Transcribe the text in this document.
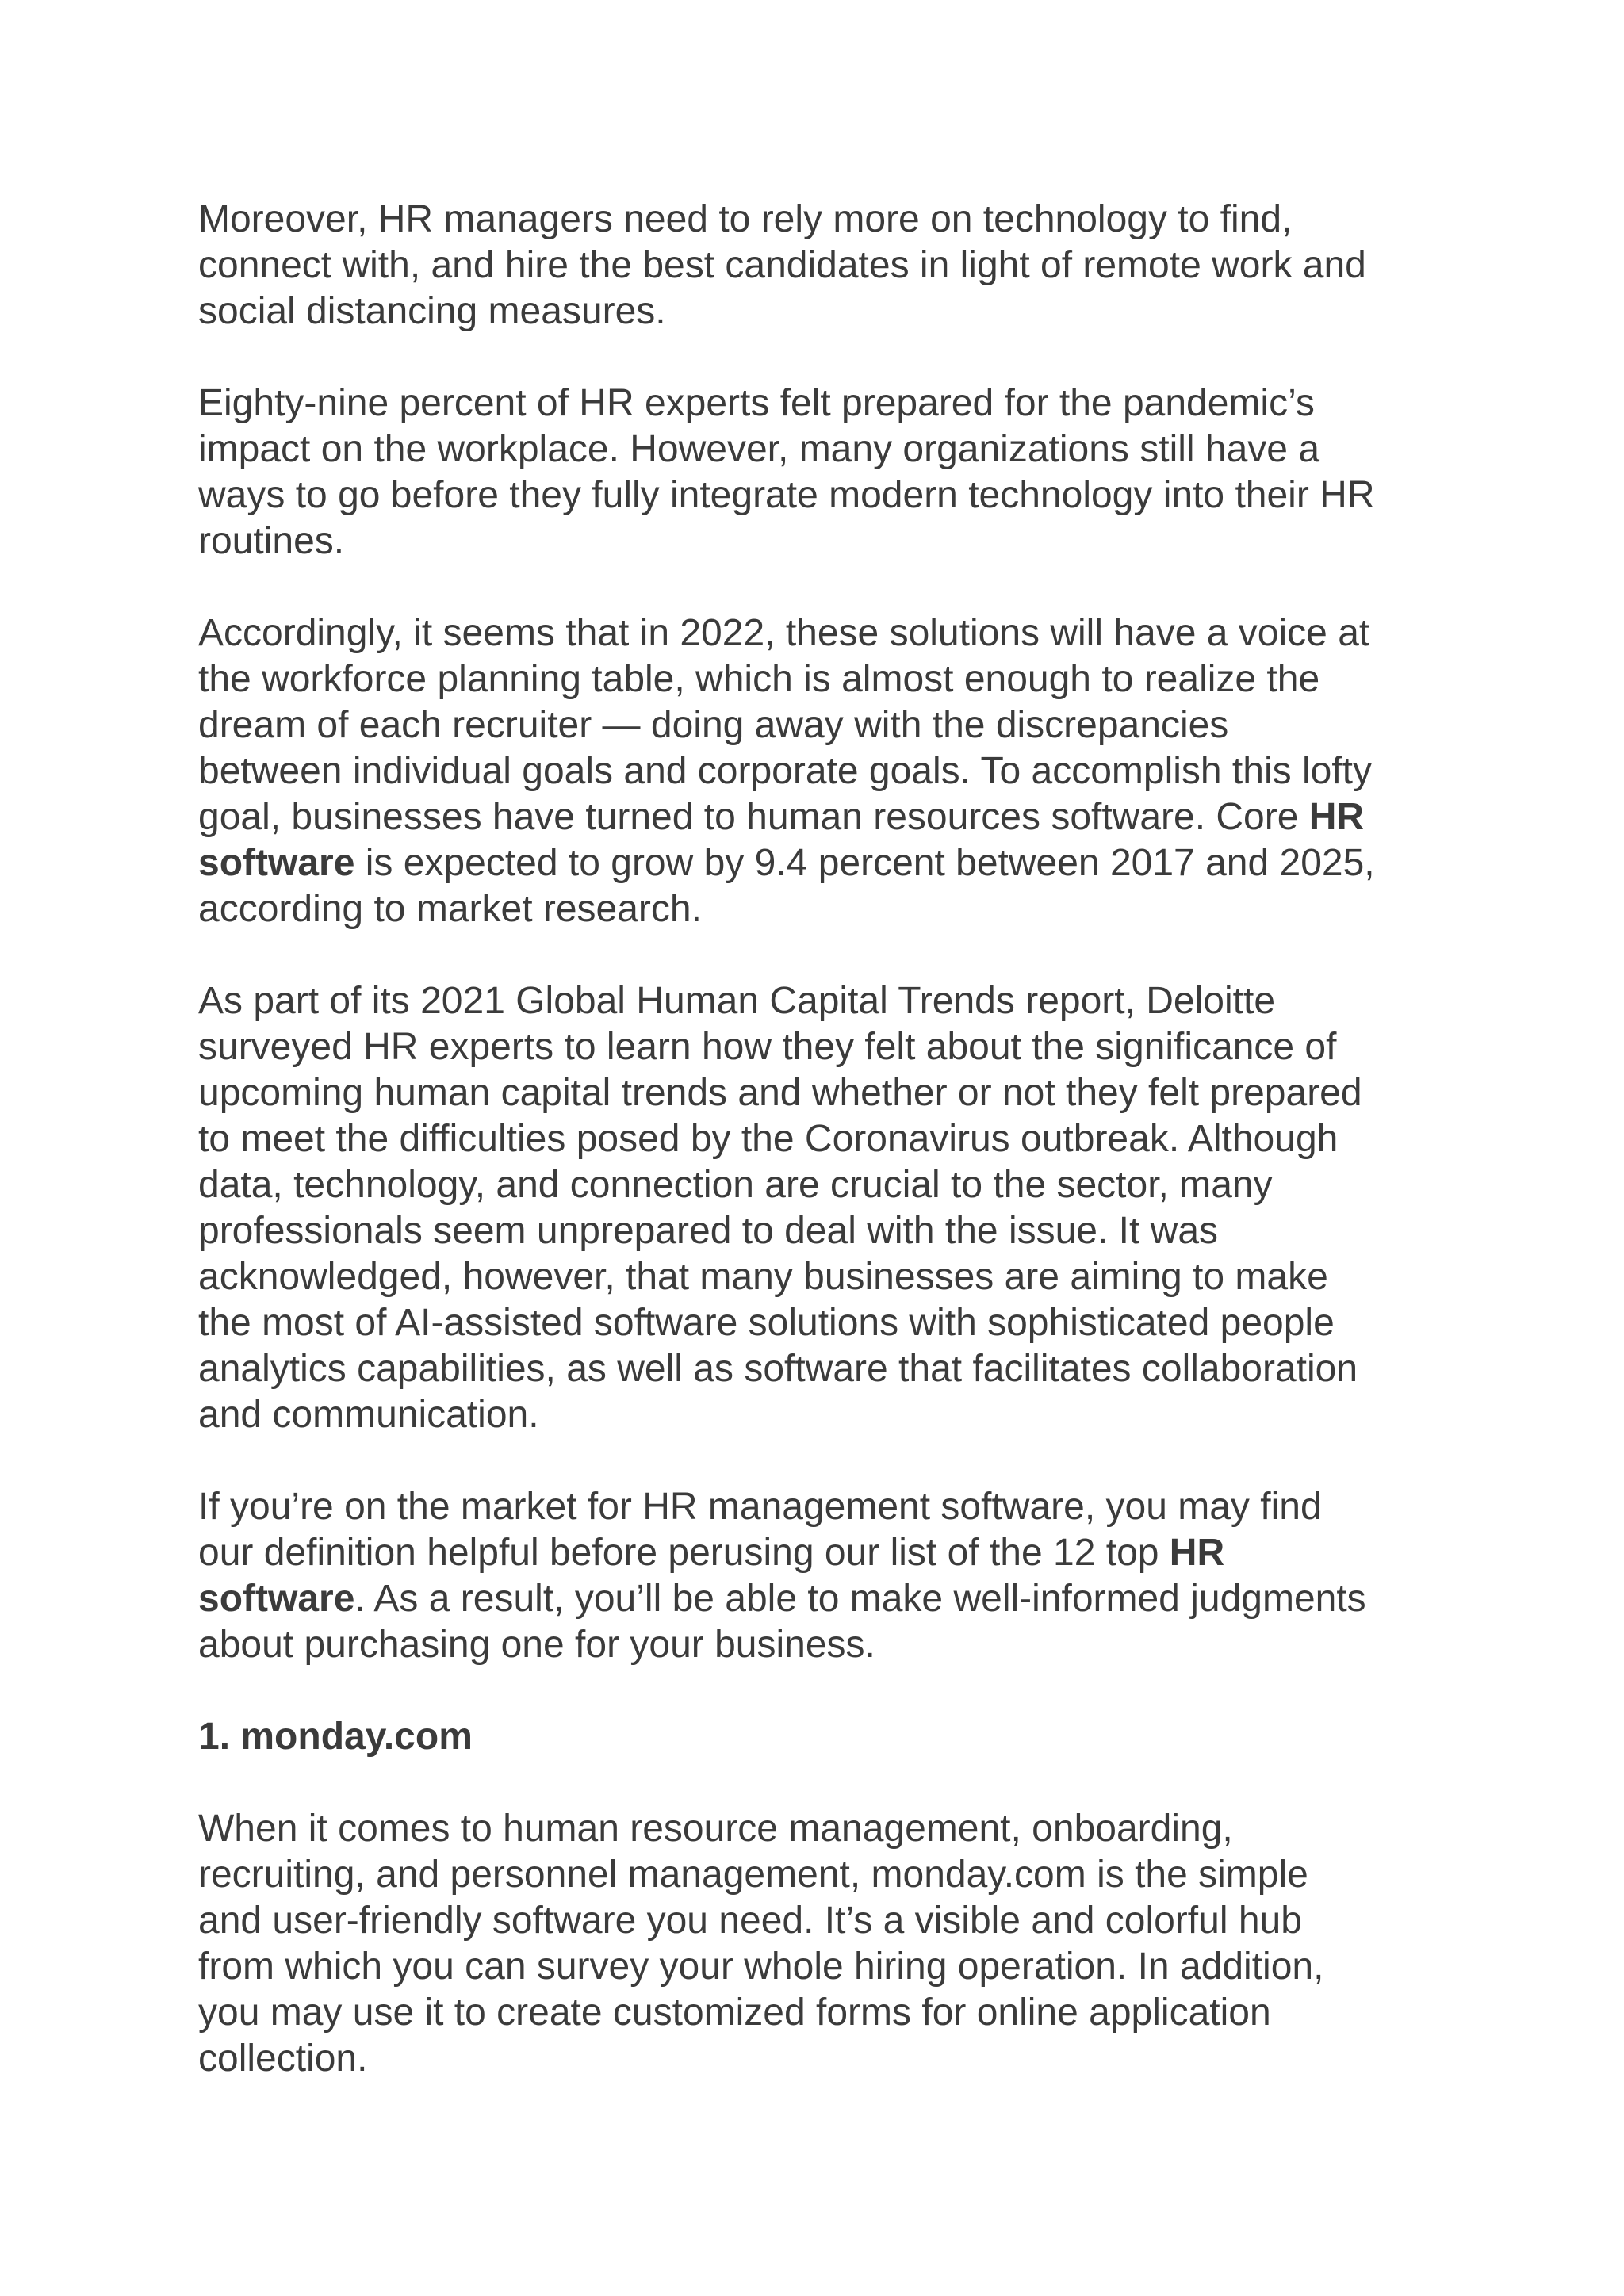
Moreover, HR managers need to rely more on technology to find,
connect with, and hire the best candidates in light of remote work and
social distancing measures.

Eighty-nine percent of HR experts felt prepared for the pandemic’s
impact on the workplace. However, many organizations still have a
ways to go before they fully integrate modern technology into their HR
routines.

Accordingly, it seems that in 2022, these solutions will have a voice at
the workforce planning table, which is almost enough to realize the
dream of each recruiter — doing away with the discrepancies
between individual goals and corporate goals. To accomplish this lofty
goal, businesses have turned to human resources software. Core HR
software is expected to grow by 9.4 percent between 2017 and 2025,
according to market research.

As part of its 2021 Global Human Capital Trends report, Deloitte
surveyed HR experts to learn how they felt about the significance of
upcoming human capital trends and whether or not they felt prepared
to meet the difficulties posed by the Coronavirus outbreak. Although
data, technology, and connection are crucial to the sector, many
professionals seem unprepared to deal with the issue. It was
acknowledged, however, that many businesses are aiming to make
the most of AI-assisted software solutions with sophisticated people
analytics capabilities, as well as software that facilitates collaboration
and communication.

If you’re on the market for HR management software, you may find
our definition helpful before perusing our list of the 12 top HR
software. As a result, you’ll be able to make well-informed judgments
about purchasing one for your business.

1. monday.com

When it comes to human resource management, onboarding,
recruiting, and personnel management, monday.com is the simple
and user-friendly software you need. It’s a visible and colorful hub
from which you can survey your whole hiring operation. In addition,
you may use it to create customized forms for online application
collection.
